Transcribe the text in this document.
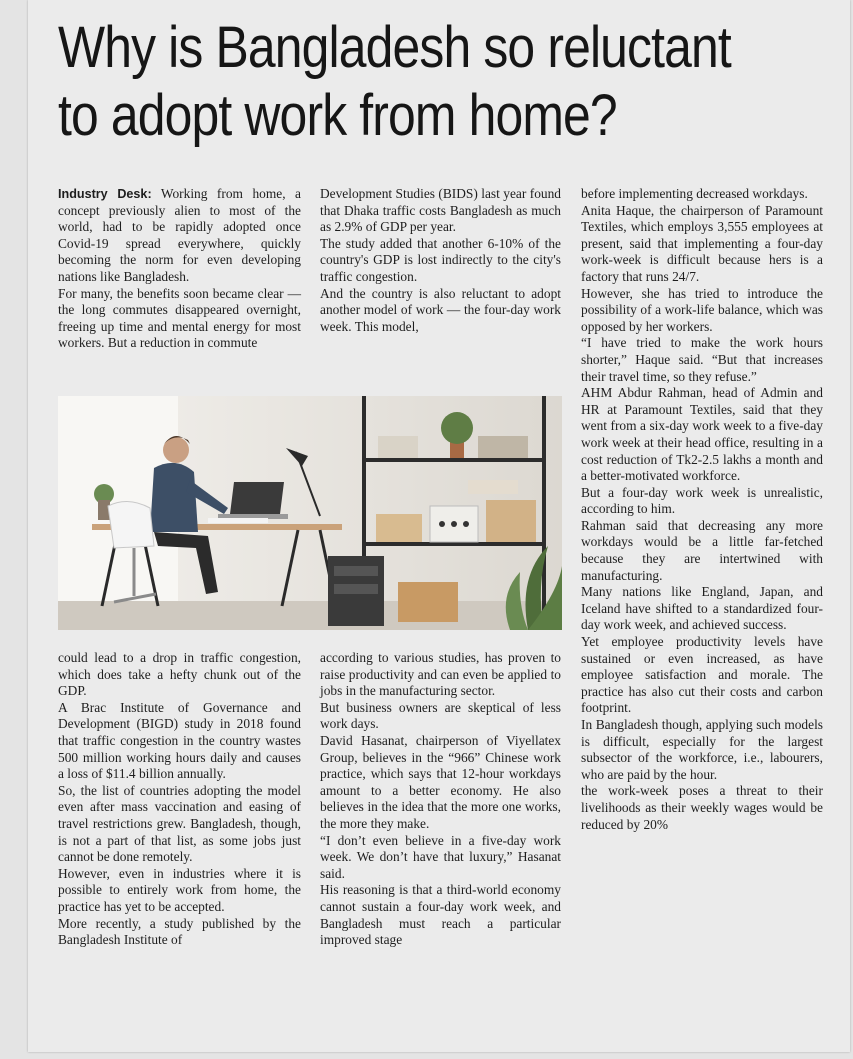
Why is Bangladesh so reluctant to adopt work from home?

Industry Desk: Working from home, a concept previously alien to most of the world, had to be rapidly adopted once Covid-19 spread everywhere, quickly becoming the norm for even developing nations like Bangladesh.

For many, the benefits soon became clear — the long commutes disappeared overnight, freeing up time and mental energy for most workers. But a reduction in commute

Development Studies (BIDS) last year found that Dhaka traffic costs Bangladesh as much as 2.9% of GDP per year.

The study added that another 6-10% of the country's GDP is lost indirectly to the city's traffic congestion.

And the country is also reluctant to adopt another model of work — the four-day work week. This model,

could lead to a drop in traffic congestion, which does take a hefty chunk out of the GDP.

A Brac Institute of Governance and Development (BIGD) study in 2018 found that traffic congestion in the country wastes 500 million working hours daily and causes a loss of $11.4 billion annually.

So, the list of countries adopting the model even after mass vaccination and easing of travel restrictions grew. Bangladesh, though, is not a part of that list, as some jobs just cannot be done remotely.

However, even in industries where it is possible to entirely work from home, the practice has yet to be accepted.

More recently, a study published by the Bangladesh Institute of

according to various studies, has proven to raise productivity and can even be applied to jobs in the manufacturing sector.

But business owners are skeptical of less work days.

David Hasanat, chairperson of Viyellatex Group, believes in the “966” Chinese work practice, which says that 12-hour workdays amount to a better economy. He also believes in the idea that the more one works, the more they make.

“I don’t even believe in a five-day work week. We don’t have that luxury,” Hasanat said.

His reasoning is that a third-world economy cannot sustain a four-day work week, and Bangladesh must reach a particular improved stage

before implementing decreased workdays.

Anita Haque, the chairperson of Paramount Textiles, which employs 3,555 employees at present, said that implementing a four-day work-week is difficult because hers is a factory that runs 24/7.

However, she has tried to introduce the possibility of a work-life balance, which was opposed by her workers.

“I have tried to make the work hours shorter,” Haque said. “But that increases their travel time, so they refuse.”

AHM Abdur Rahman, head of Admin and HR at Paramount Textiles, said that they went from a six-day work week to a five-day work week at their head office, resulting in a cost reduction of Tk2-2.5 lakhs a month and a better-motivated workforce.

But a four-day work week is unrealistic, according to him.

Rahman said that decreasing any more workdays would be a little far-fetched because they are intertwined with manufacturing.

Many nations like England, Japan, and Iceland have shifted to a standardized four-day work week, and achieved success.

Yet employee productivity levels have sustained or even increased, as have employee satisfaction and morale. The practice has also cut their costs and carbon footprint.

In Bangladesh though, applying such models is difficult, especially for the largest subsector of the workforce, i.e., labourers, who are paid by the hour.

the work-week poses a threat to their livelihoods as their weekly wages would be reduced by 20%
